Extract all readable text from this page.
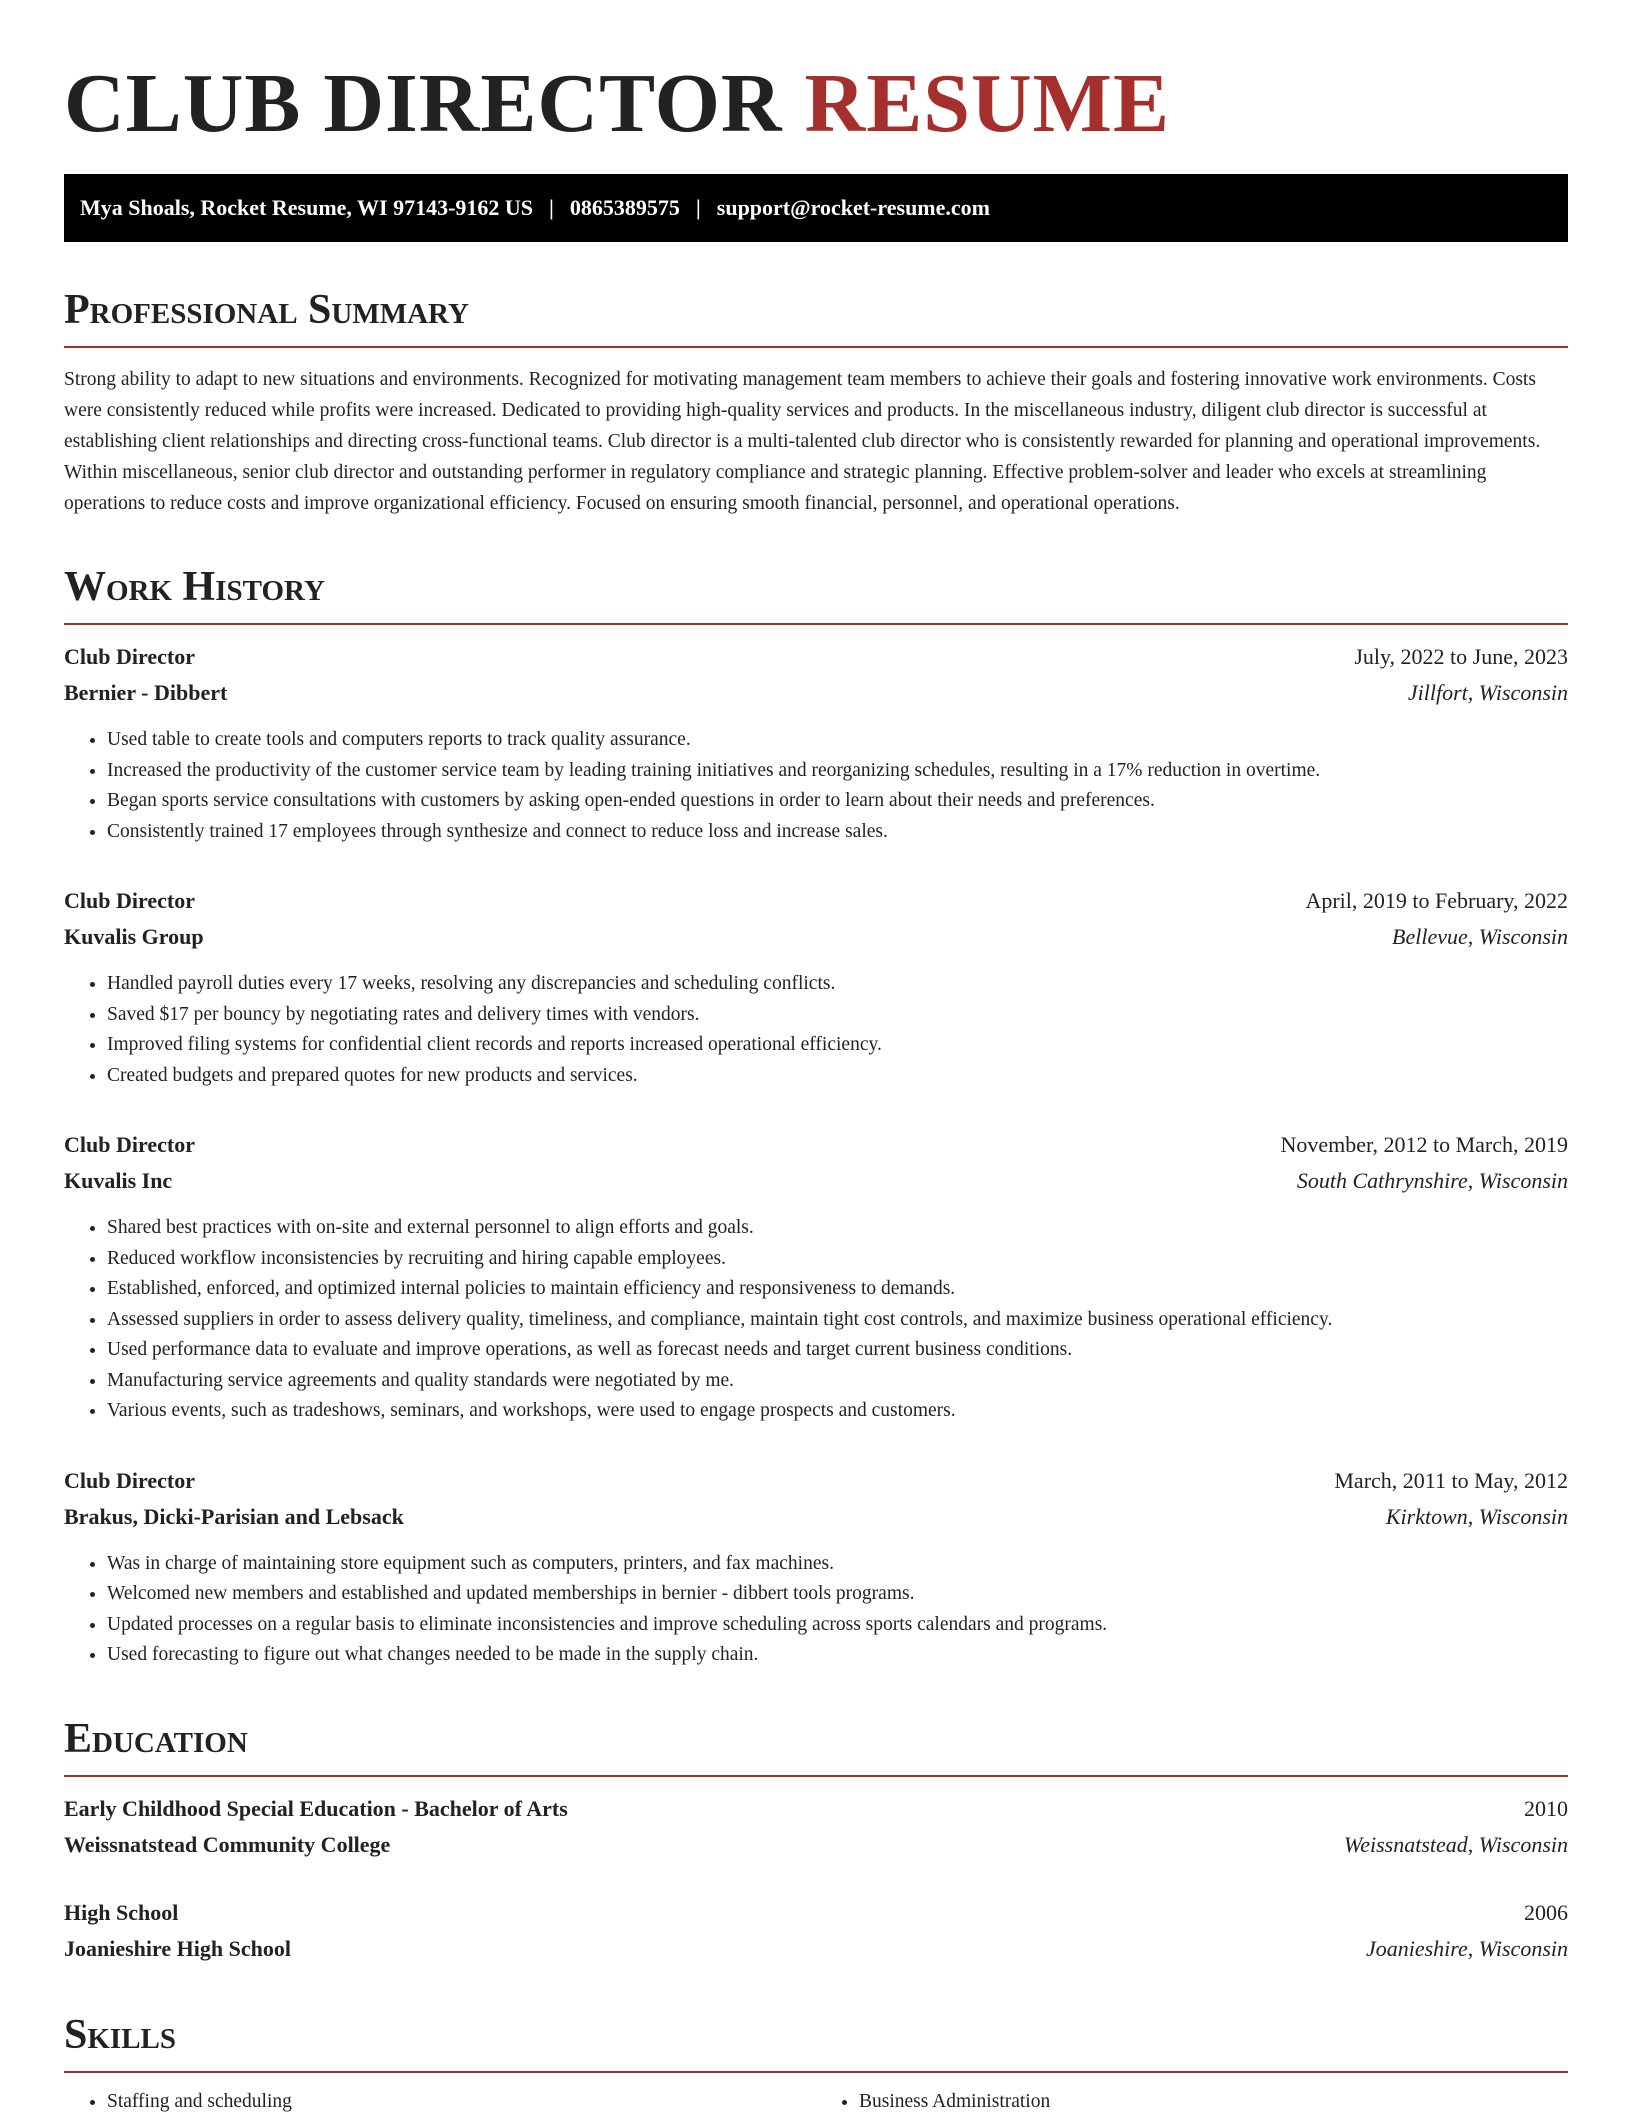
CLUB DIRECTOR RESUME
Mya Shoals, Rocket Resume, WI 97143-9162 US | 0865389575 | support@rocket-resume.com
Professional Summary

Strong ability to adapt to new situations and environments. Recognized for motivating management team members to achieve their goals and fostering innovative work environments. Costs were consistently reduced while profits were increased. Dedicated to providing high-quality services and products. In the miscellaneous industry, diligent club director is successful at establishing client relationships and directing cross-functional teams. Club director is a multi-talented club director who is consistently rewarded for planning and operational improvements. Within miscellaneous, senior club director and outstanding performer in regulatory compliance and strategic planning. Effective problem-solver and leader who excels at streamlining operations to reduce costs and improve organizational efficiency. Focused on ensuring smooth financial, personnel, and operational operations.

Work History
Club Director	July, 2022 to June, 2023
Bernier - Dibbert	Jillfort, Wisconsin
• Used table to create tools and computers reports to track quality assurance.
• Increased the productivity of the customer service team by leading training initiatives and reorganizing schedules, resulting in a 17% reduction in overtime.
• Began sports service consultations with customers by asking open-ended questions in order to learn about their needs and preferences.
• Consistently trained 17 employees through synthesize and connect to reduce loss and increase sales.
Club Director	April, 2019 to February, 2022
Kuvalis Group	Bellevue, Wisconsin
• Handled payroll duties every 17 weeks, resolving any discrepancies and scheduling conflicts.
• Saved $17 per bouncy by negotiating rates and delivery times with vendors.
• Improved filing systems for confidential client records and reports increased operational efficiency.
• Created budgets and prepared quotes for new products and services.
Club Director	November, 2012 to March, 2019
Kuvalis Inc	South Cathrynshire, Wisconsin
• Shared best practices with on-site and external personnel to align efforts and goals.
• Reduced workflow inconsistencies by recruiting and hiring capable employees.
• Established, enforced, and optimized internal policies to maintain efficiency and responsiveness to demands.
• Assessed suppliers in order to assess delivery quality, timeliness, and compliance, maintain tight cost controls, and maximize business operational efficiency.
• Used performance data to evaluate and improve operations, as well as forecast needs and target current business conditions.
• Manufacturing service agreements and quality standards were negotiated by me.
• Various events, such as tradeshows, seminars, and workshops, were used to engage prospects and customers.
Club Director	March, 2011 to May, 2012
Brakus, Dicki-Parisian and Lebsack	Kirktown, Wisconsin
• Was in charge of maintaining store equipment such as computers, printers, and fax machines.
• Welcomed new members and established and updated memberships in bernier - dibbert tools programs.
• Updated processes on a regular basis to eliminate inconsistencies and improve scheduling across sports calendars and programs.
• Used forecasting to figure out what changes needed to be made in the supply chain.
Education
Early Childhood Special Education - Bachelor of Arts	2010
Weissnatstead Community College	Weissnatstead, Wisconsin
High School	2006
Joanieshire High School	Joanieshire, Wisconsin
Skills
• Staffing and scheduling
•	Business Administration
